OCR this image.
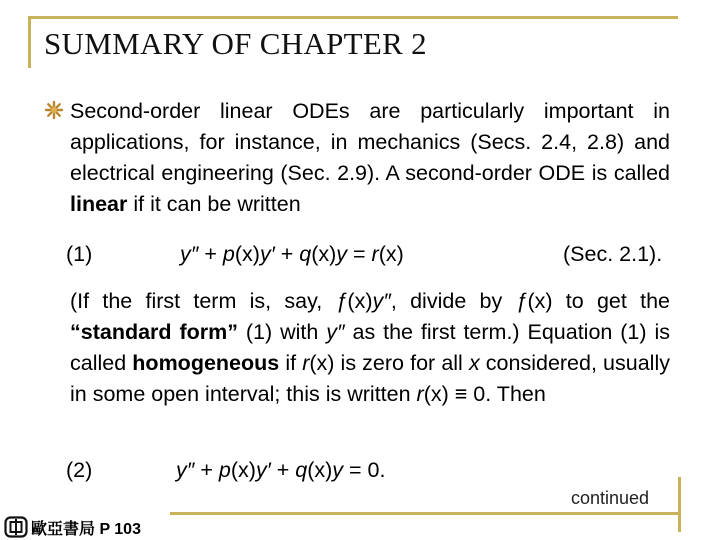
SUMMARY OF CHAPTER 2

Second-order linear ODEs are particularly important in applications, for instance, in mechanics (Secs. 2.4, 2.8) and electrical engineering (Sec. 2.9). A second-order ODE is called linear if it can be written

(1)	y″ + p(x)y′ + q(x)y = r(x)	(Sec. 2.1).

(If the first term is, say, ƒ(x)y″, divide by ƒ(x) to get the “standard form” (1) with y″ as the first term.) Equation (1) is called homogeneous if r(x) is zero for all x considered, usually in some open interval; this is written r(x) ≡ 0. Then

(2)	y″ + p(x)y′ + q(x)y = 0.
continued
歐亞書局 P 103
